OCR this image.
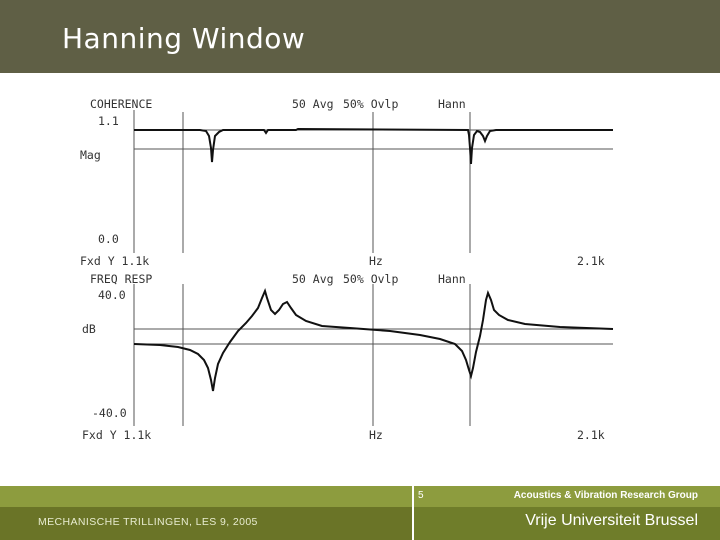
Hanning Window
COHERENCE	50 Avg 50% Ovlp	Hann
1.1
Mag
0.0
Fxd Y 1.1k	Hz	2.1k
FREQ RESP	50 Avg 50% Ovlp	Hann
40.0
dB
-40.0
Fxd Y 1.1k	Hz	2.1k
5
MECHANISCHE TRILLINGEN, LES 9, 2005
Acoustics & Vibration Research Group
Vrije Universiteit Brussel
